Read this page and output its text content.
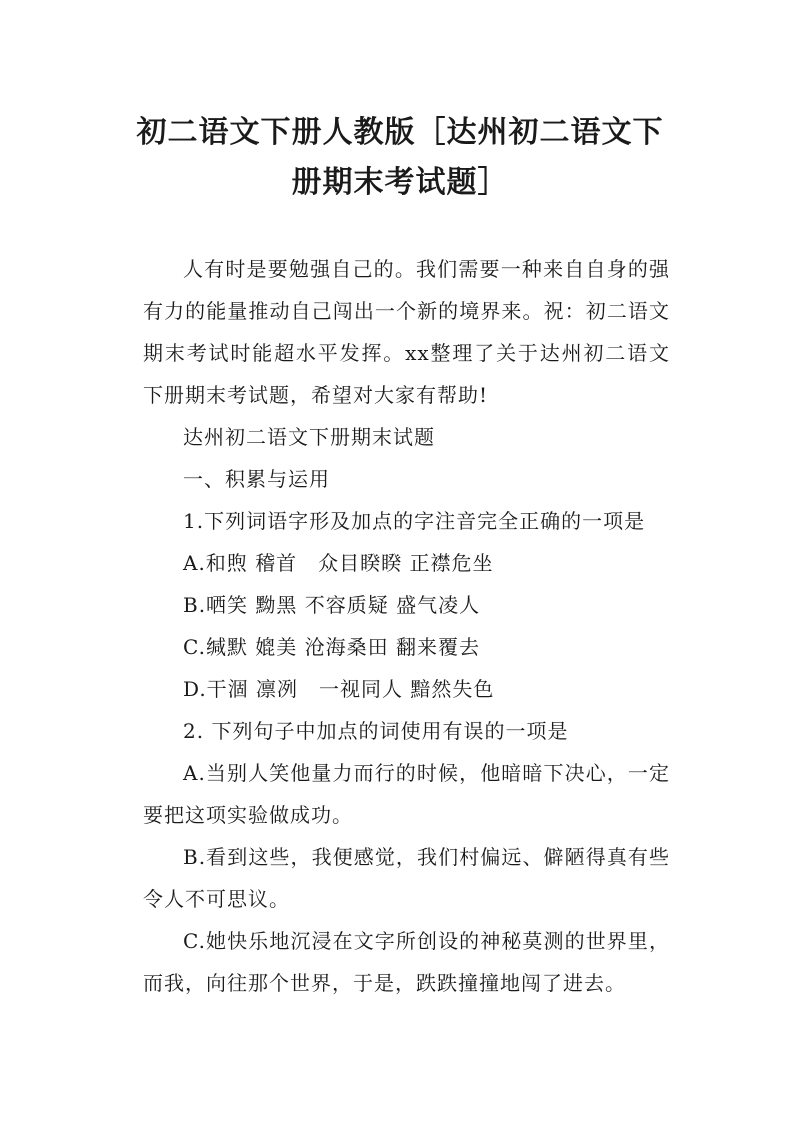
初二语文下册人教版［达州初二语文下
册期末考试题］

人有时是要勉强自己的。我们需要一种来自自身的强有力的能量推动自己闯出一个新的境界来。祝：初二语文期末考试时能超水平发挥。xx整理了关于达州初二语文下册期末考试题，希望对大家有帮助!

达州初二语文下册期末试题

一、积累与运用

1.下列词语字形及加点的字注音完全正确的一项是

A.和煦 稽首　众目睽睽 正襟危坐

B.哂笑 黝黑 不容质疑 盛气凌人

C.缄默 媲美 沧海桑田 翻来覆去

D.干涸 凛冽　一视同人 黯然失色

2. 下列句子中加点的词使用有误的一项是

A.当别人笑他量力而行的时候，他暗暗下决心，一定要把这项实验做成功。

B.看到这些，我便感觉，我们村偏远、僻陋得真有些令人不可思议。

C.她快乐地沉浸在文字所创设的神秘莫测的世界里，而我，向往那个世界，于是，跌跌撞撞地闯了进去。
